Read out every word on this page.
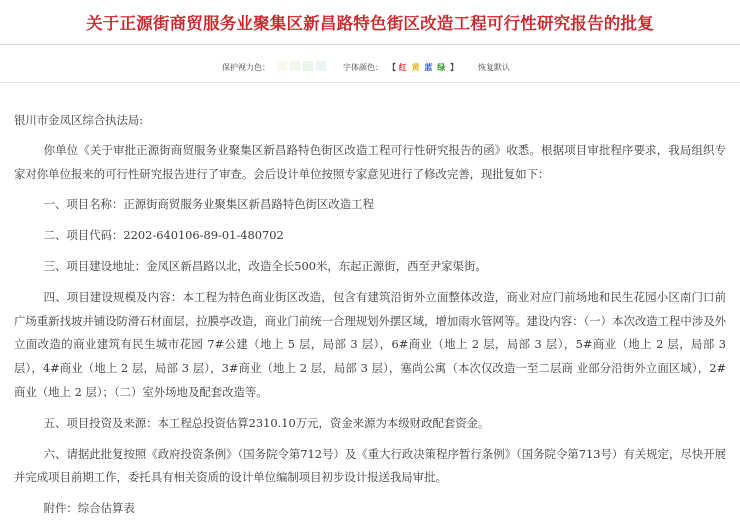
关于正源街商贸服务业聚集区新昌路特色街区改造工程可行性研究报告的批复
保护视力色：	字体颜色： 【 红 黄 蓝 绿 】	恢复默认

银川市金凤区综合执法局:

你单位《关于审批正源街商贸服务业聚集区新昌路特色街区改造工程可行性研究报告的函》收悉。根据项目审批程序要求，我局组织专家对你单位报来的可行性研究报告进行了审查。会后设计单位按照专家意见进行了修改完善，现批复如下：

一、项目名称：正源街商贸服务业聚集区新昌路特色街区改造工程

二、项目代码：2202-640106-89-01-480702

三、项目建设地址：金凤区新昌路以北，改造全长500米，东起正源街，西至尹家渠街。

四、项目建设规模及内容：本工程为特色商业街区改造，包含有建筑沿街外立面整体改造，商业对应门前场地和民生花园小区南门口前广场重新找坡并铺设防滑石材面层，拉膜亭改造，商业门前统一合理规划外摆区域，增加雨水管网等。建设内容：（一）本次改造工程中涉及外立面改造的商业建筑有民生城市花园 7#公建（地上 5 层，局部 3 层），6#商业（地上 2 层，局部 3 层），5#商业（地上 2 层，局部 3 层），4#商业（地上 2 层，局部 3 层），3#商业（地上 2 层，局部 3 层），塞尚公寓（本次仅改造一至二层商 业部分沿街外立面区域），2#商业（地上 2 层）；（二）室外场地及配套改造等。

五、项目投资及来源：本工程总投资估算2310.10万元，资金来源为本级财政配套资金。

六、请据此批复按照《政府投资条例》（国务院令第712号）及《重大行政决策程序暂行条例》（国务院令第713号）有关规定，尽快开展并完成项目前期工作，委托具有相关资质的设计单位编制项目初步设计报送我局审批。

附件：综合估算表
